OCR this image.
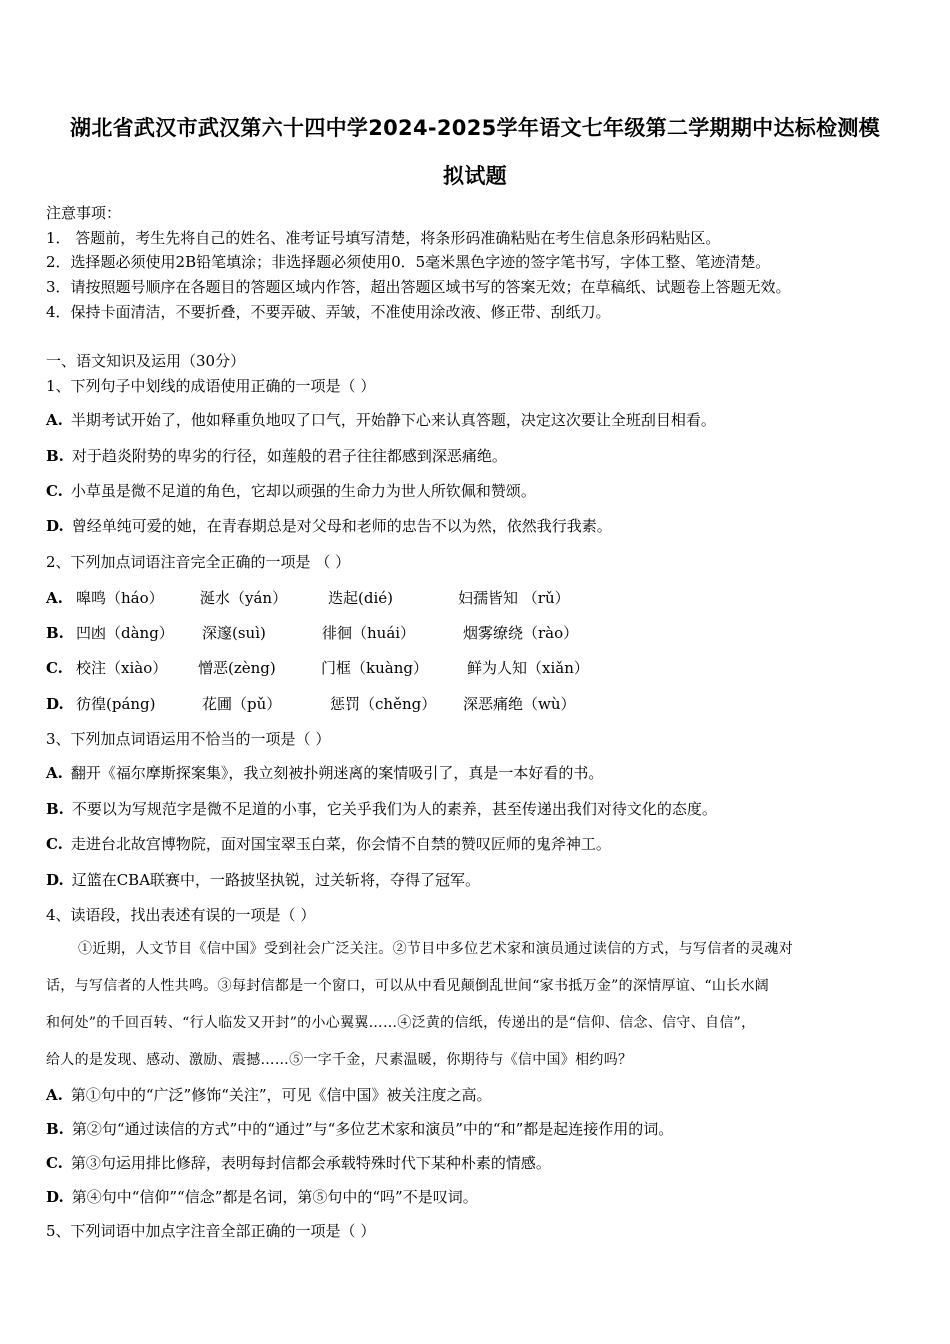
湖北省武汉市武汉第六十四中学2024-2025学年语文七年级第二学期期中达标检测模
拟试题
注意事项：
1． 答题前，考生先将自己的姓名、准考证号填写清楚，将条形码准确粘贴在考生信息条形码粘贴区。
2．选择题必须使用2B铅笔填涂；非选择题必须使用0．5毫米黑色字迹的签字笔书写，字体工整、笔迹清楚。
3．请按照题号顺序在各题目的答题区域内作答，超出答题区域书写的答案无效；在草稿纸、试题卷上答题无效。
4．保持卡面清洁，不要折叠，不要弄破、弄皱，不准使用涂改液、修正带、刮纸刀。
一、语文知识及运用（30分）
1、下列句子中划线的成语使用正确的一项是（ ）
A. 半期考试开始了，他如释重负地叹了口气，开始静下心来认真答题，决定这次要让全班刮目相看。
B. 对于趋炎附势的卑劣的行径，如莲般的君子往往都感到深恶痛绝。
C. 小草虽是微不足道的角色，它却以顽强的生命力为世人所钦佩和赞颂。
D. 曾经单纯可爱的她，在青春期总是对父母和老师的忠告不以为然，依然我行我素。
2、下列加点词语注音完全正确的一项是 （ ）
A. 嗥鸣（háo） 涎水（yán）	迭起(dié)	妇孺皆知 （rǔ）
B. 凹凼（dàng） 深邃(suì)	徘徊（huái）	烟雾缭绕（rào）
C. 校注（xiào） 憎恶(zèng)	门框（kuàng）	鲜为人知（xiǎn）
D. 彷徨(páng)	花圃（pǔ）	惩罚（chěng） 深恶痛绝（wù）
3、下列加点词语运用不恰当的一项是（ ）
A. 翻开《福尔摩斯探案集》，我立刻被扑朔迷离的案情吸引了，真是一本好看的书。
B. 不要以为写规范字是微不足道的小事，它关乎我们为人的素养，甚至传递出我们对待文化的态度。
C. 走进台北故宫博物院，面对国宝翠玉白菜，你会情不自禁的赞叹匠师的鬼斧神工。
D. 辽篮在CBA联赛中，一路披坚执锐，过关斩将，夺得了冠军。
4、读语段，找出表述有误的一项是（ ）
①近期，人文节目《信中国》受到社会广泛关注。②节目中多位艺术家和演员通过读信的方式，与写信者的灵魂对
话，与写信者的人性共鸣。③每封信都是一个窗口，可以从中看见颠倒乱世间“家书抵万金”的深情厚谊、“山长水阔
和何处”的千回百转、“行人临发又开封”的小心翼翼……④泛黄的信纸，传递出的是“信仰、信念、信守、自信”，
给人的是发现、感动、激励、震撼……⑤一字千金，尺素温暖，你期待与《信中国》相约吗？
A. 第①句中的“广泛”修饰“关注”，可见《信中国》被关注度之高。
B. 第②句“通过读信的方式”中的“通过”与“多位艺术家和演员”中的“和”都是起连接作用的词。
C. 第③句运用排比修辞，表明每封信都会承载特殊时代下某种朴素的情感。
D. 第④句中“信仰”“信念”都是名词，第⑤句中的“吗”不是叹词。
5、下列词语中加点字注音全部正确的一项是（ ）
